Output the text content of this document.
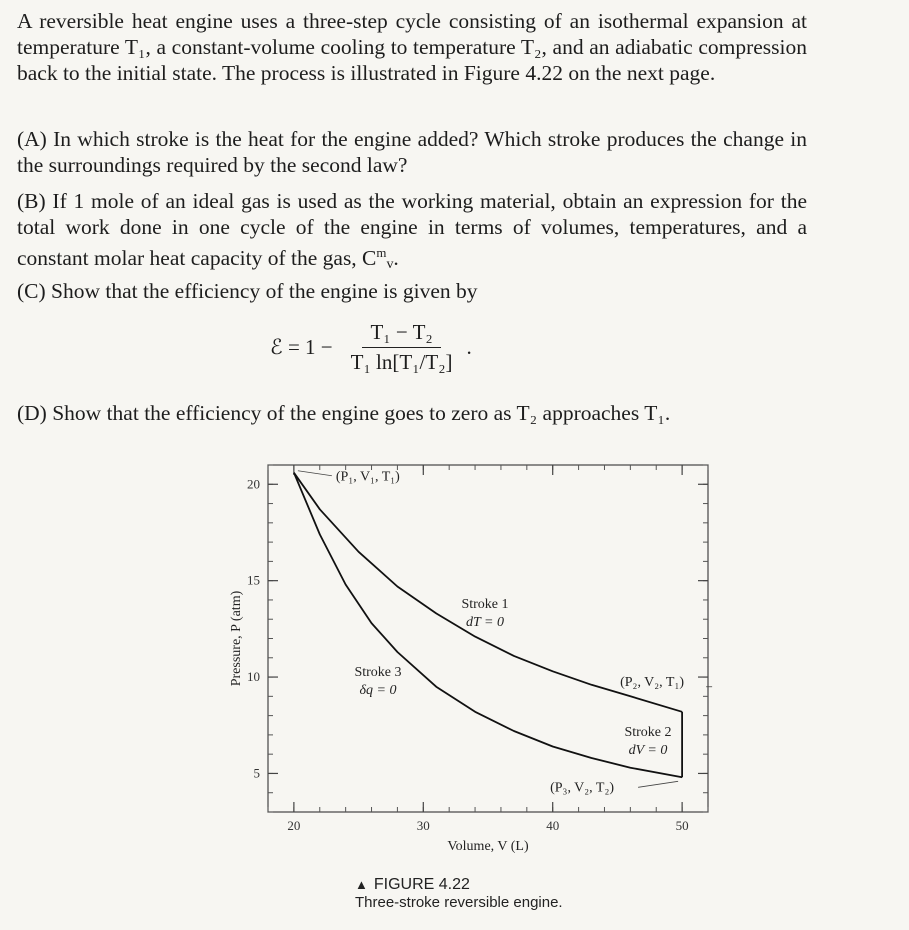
A reversible heat engine uses a three-step cycle consisting of an isothermal expansion at temperature T₁, a constant-volume cooling to temperature T₂, and an adiabatic compression back to the initial state. The process is illustrated in Figure 4.22 on the next page.
(A) In which stroke is the heat for the engine added? Which stroke produces the change in the surroundings required by the second law?
(B) If 1 mole of an ideal gas is used as the working material, obtain an expression for the total work done in one cycle of the engine in terms of volumes, temperatures, and a constant molar heat capacity of the gas, $C^m_v$.
(C) Show that the efficiency of the engine is given by
ℰ = $1 - \frac{\text{T₁ − T₂}}{\text{T₁ ln[T₁/T₂]}}$ .
(D) Show that the efficiency of the engine goes to zero as T₂ approaches T₁.
20	30	40	50
5
10
15
20
Volume, V (L)
Pressure, P (atm)
(P₁, V₁, T₁)
(P₂, V₂, T₁)
(P₃, V₂, T₂)
Stroke 1
dT = 0
Stroke 2
dV = 0
Stroke 3
δq = 0
▲ FIGURE 4.22
Three-stroke reversible engine.
